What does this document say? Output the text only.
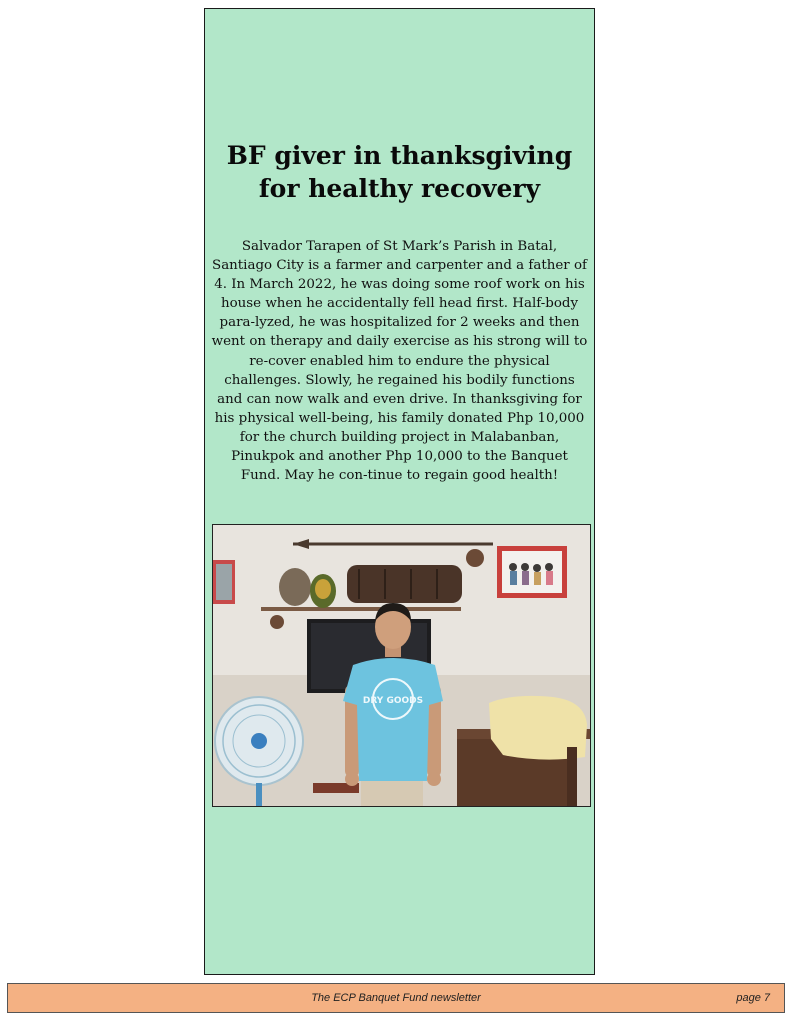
BF giver in thanksgiving for healthy recovery

Salvador Tarapen of St Mark’s Parish in Batal, Santiago City is a farmer and carpenter and a father of 4. In March 2022, he was doing some roof work on his house when he accidentally fell head first. Half-body para-lyzed, he was hospitalized for 2 weeks and then went on therapy and daily exercise as his strong will to re-cover enabled him to endure the physical challenges. Slowly, he regained his bodily functions and can now walk and even drive. In thanksgiving for his physical well-being, his family donated Php 10,000 for the church building project in Malabanban, Pinukpok and another Php 10,000 to the Banquet Fund. May he con-tinue to regain good health!

DRY GOODS
The ECP Banquet Fund newsletter	page 7
